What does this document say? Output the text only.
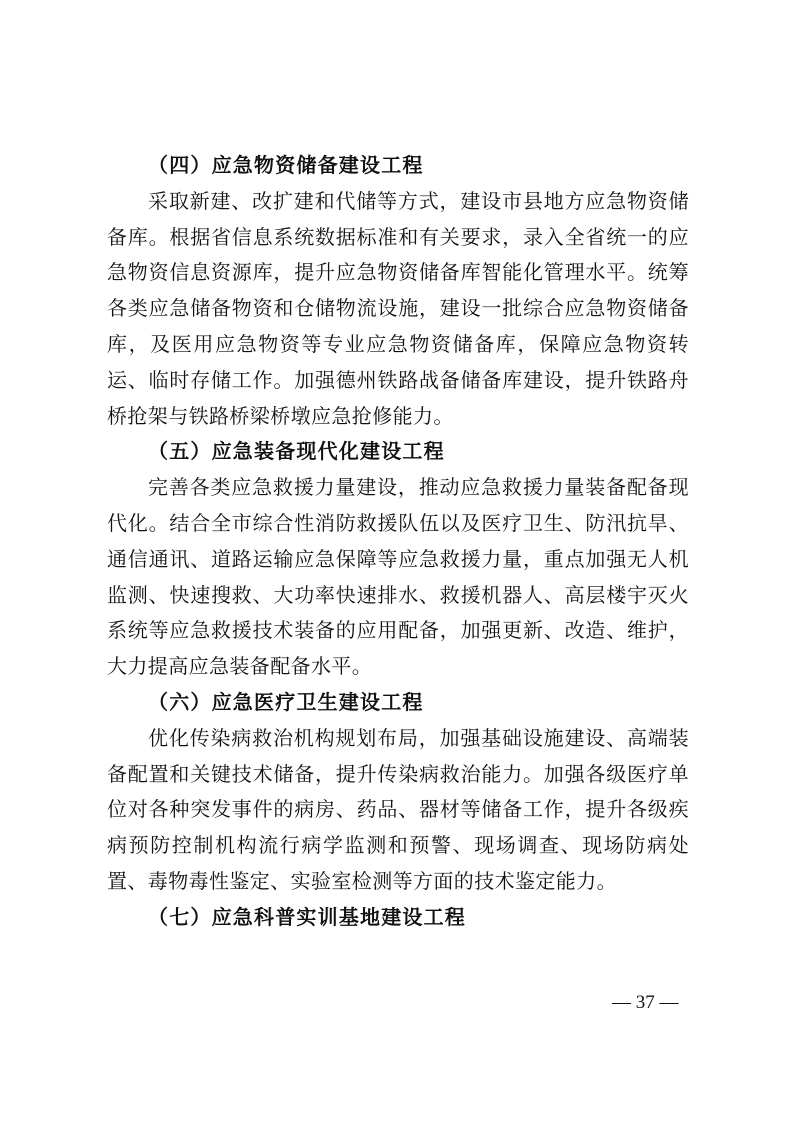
（四）应急物资储备建设工程

采取新建、改扩建和代储等方式，建设市县地方应急物资储备库。根据省信息系统数据标准和有关要求，录入全省统一的应急物资信息资源库，提升应急物资储备库智能化管理水平。统筹各类应急储备物资和仓储物流设施，建设一批综合应急物资储备库，及医用应急物资等专业应急物资储备库，保障应急物资转运、临时存储工作。加强德州铁路战备储备库建设，提升铁路舟桥抢架与铁路桥梁桥墩应急抢修能力。

（五）应急装备现代化建设工程

完善各类应急救援力量建设，推动应急救援力量装备配备现代化。结合全市综合性消防救援队伍以及医疗卫生、防汛抗旱、通信通讯、道路运输应急保障等应急救援力量，重点加强无人机监测、快速搜救、大功率快速排水、救援机器人、高层楼宇灭火系统等应急救援技术装备的应用配备，加强更新、改造、维护，大力提高应急装备配备水平。

（六）应急医疗卫生建设工程

优化传染病救治机构规划布局，加强基础设施建设、高端装备配置和关键技术储备，提升传染病救治能力。加强各级医疗单位对各种突发事件的病房、药品、器材等储备工作，提升各级疾病预防控制机构流行病学监测和预警、现场调查、现场防病处置、毒物毒性鉴定、实验室检测等方面的技术鉴定能力。

（七）应急科普实训基地建设工程

— 37 —
